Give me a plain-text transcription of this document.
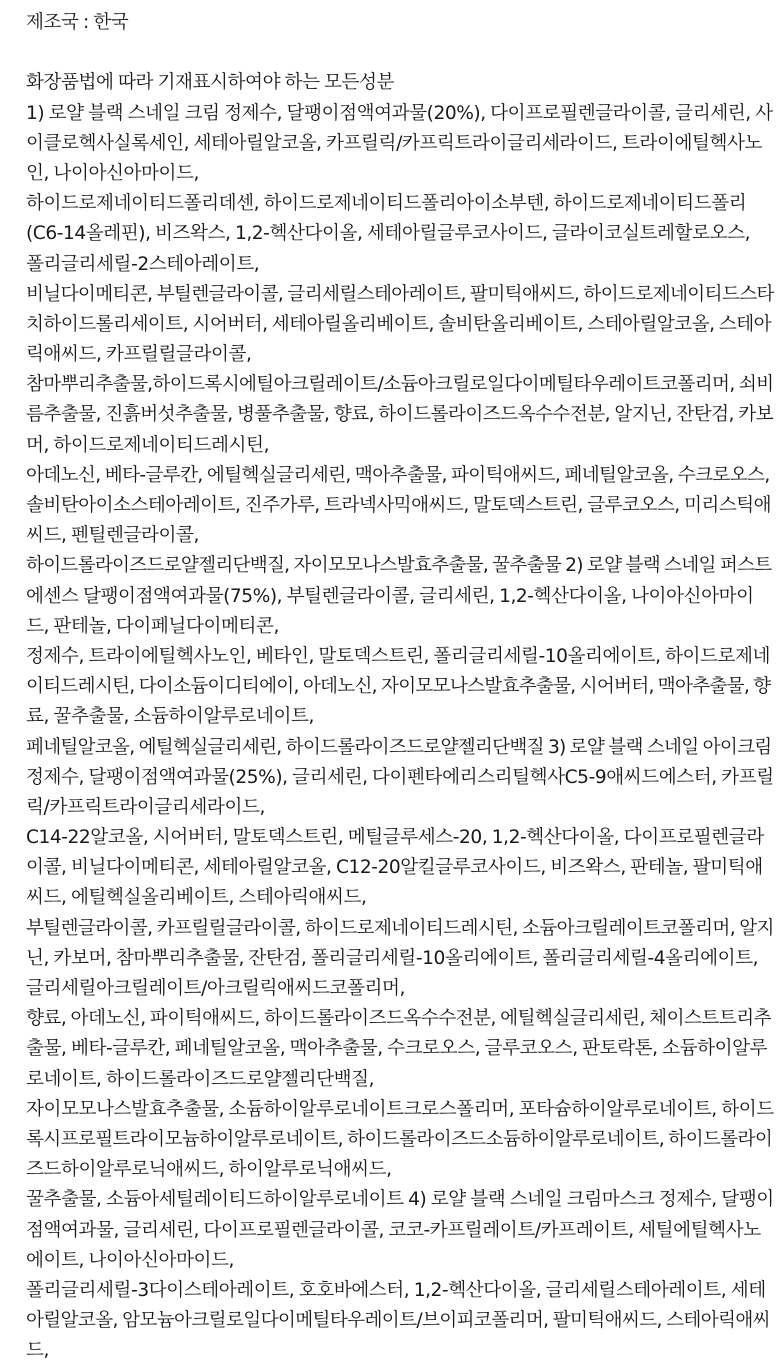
제조국 : 한국
화장품법에 따라 기재표시하여야 하는 모든성분
1) 로얄 블랙 스네일 크림 정제수, 달팽이점액여과물(20%), 다이프로필렌글라이콜, 글리세린, 사
이클로헥사실록세인, 세테아릴알코올, 카프릴릭/카프릭트라이글리세라이드, 트라이에틸헥사노
인, 나이아신아마이드,
하이드로제네이티드폴리데센, 하이드로제네이티드폴리아이소부텐, 하이드로제네이티드폴리
(C6-14올레핀), 비즈왁스, 1,2-헥산다이올, 세테아릴글루코사이드, 글라이코실트레할로오스,
폴리글리세릴-2스테아레이트,
비닐다이메티콘, 부틸렌글라이콜, 글리세릴스테아레이트, 팔미틱애씨드, 하이드로제네이티드스타
치하이드롤리세이트, 시어버터, 세테아릴올리베이트, 솔비탄올리베이트, 스테아릴알코올, 스테아
릭애씨드, 카프릴릴글라이콜,
참마뿌리추출물,하이드록시에틸아크릴레이트/소듐아크릴로일다이메틸타우레이트코폴리머, 쇠비
름추출물, 진흙버섯추출물, 병풀추출물, 향료, 하이드롤라이즈드옥수수전분, 알지닌, 잔탄검, 카보
머, 하이드로제네이티드레시틴,
아데노신, 베타-글루칸, 에틸헥실글리세린, 맥아추출물, 파이틱애씨드, 페네틸알코올, 수크로오스,
솔비탄아이소스테아레이트, 진주가루, 트라넥사믹애씨드, 말토덱스트린, 글루코오스, 미리스틱애
씨드, 펜틸렌글라이콜,
하이드롤라이즈드로얄젤리단백질, 자이모모나스발효추출물, 꿀추출물 2) 로얄 블랙 스네일 퍼스트
에센스 달팽이점액여과물(75%), 부틸렌글라이콜, 글리세린, 1,2-헥산다이올, 나이아신아마이
드, 판테놀, 다이페닐다이메티콘,
정제수, 트라이에틸헥사노인, 베타인, 말토덱스트린, 폴리글리세릴-10올리에이트, 하이드로제네
이티드레시틴, 다이소듐이디티에이, 아데노신, 자이모모나스발효추출물, 시어버터, 맥아추출물, 향
료, 꿀추출물, 소듐하이알루로네이트,
페네틸알코올, 에틸헥실글리세린, 하이드롤라이즈드로얄젤리단백질 3) 로얄 블랙 스네일 아이크림
정제수, 달팽이점액여과물(25%), 글리세린, 다이펜타에리스리틸헥사C5-9애씨드에스터, 카프릴
릭/카프릭트라이글리세라이드,
C14-22알코올, 시어버터, 말토덱스트린, 메틸글루세스-20, 1,2-헥산다이올, 다이프로필렌글라
이콜, 비닐다이메티콘, 세테아릴알코올, C12-20알킬글루코사이드, 비즈왁스, 판테놀, 팔미틱애
씨드, 에틸헥실올리베이트, 스테아릭애씨드,
부틸렌글라이콜, 카프릴릴글라이콜, 하이드로제네이티드레시틴, 소듐아크릴레이트코폴리머, 알지
닌, 카보머, 참마뿌리추출물, 잔탄검, 폴리글리세릴-10올리에이트, 폴리글리세릴-4올리에이트,
글리세릴아크릴레이트/아크릴릭애씨드코폴리머,
향료, 아데노신, 파이틱애씨드, 하이드롤라이즈드옥수수전분, 에틸헥실글리세린, 체이스트트리추
출물, 베타-글루칸, 페네틸알코올, 맥아추출물, 수크로오스, 글루코오스, 판토락톤, 소듐하이알루
로네이트, 하이드롤라이즈드로얄젤리단백질,
자이모모나스발효추출물, 소듐하이알루로네이트크로스폴리머, 포타슘하이알루로네이트, 하이드
록시프로필트라이모늄하이알루로네이트, 하이드롤라이즈드소듐하이알루로네이트, 하이드롤라이
즈드하이알루로닉애씨드, 하이알루로닉애씨드,
꿀추출물, 소듐아세틸레이티드하이알루로네이트 4) 로얄 블랙 스네일 크림마스크 정제수, 달팽이
점액여과물, 글리세린, 다이프로필렌글라이콜, 코코-카프릴레이트/카프레이트, 세틸에틸헥사노
에이트, 나이아신아마이드,
폴리글리세릴-3다이스테아레이트, 호호바에스터, 1,2-헥산다이올, 글리세릴스테아레이트, 세테
아릴알코올, 암모늄아크릴로일다이메틸타우레이트/브이피코폴리머, 팔미틱애씨드, 스테아릭애씨
드,
